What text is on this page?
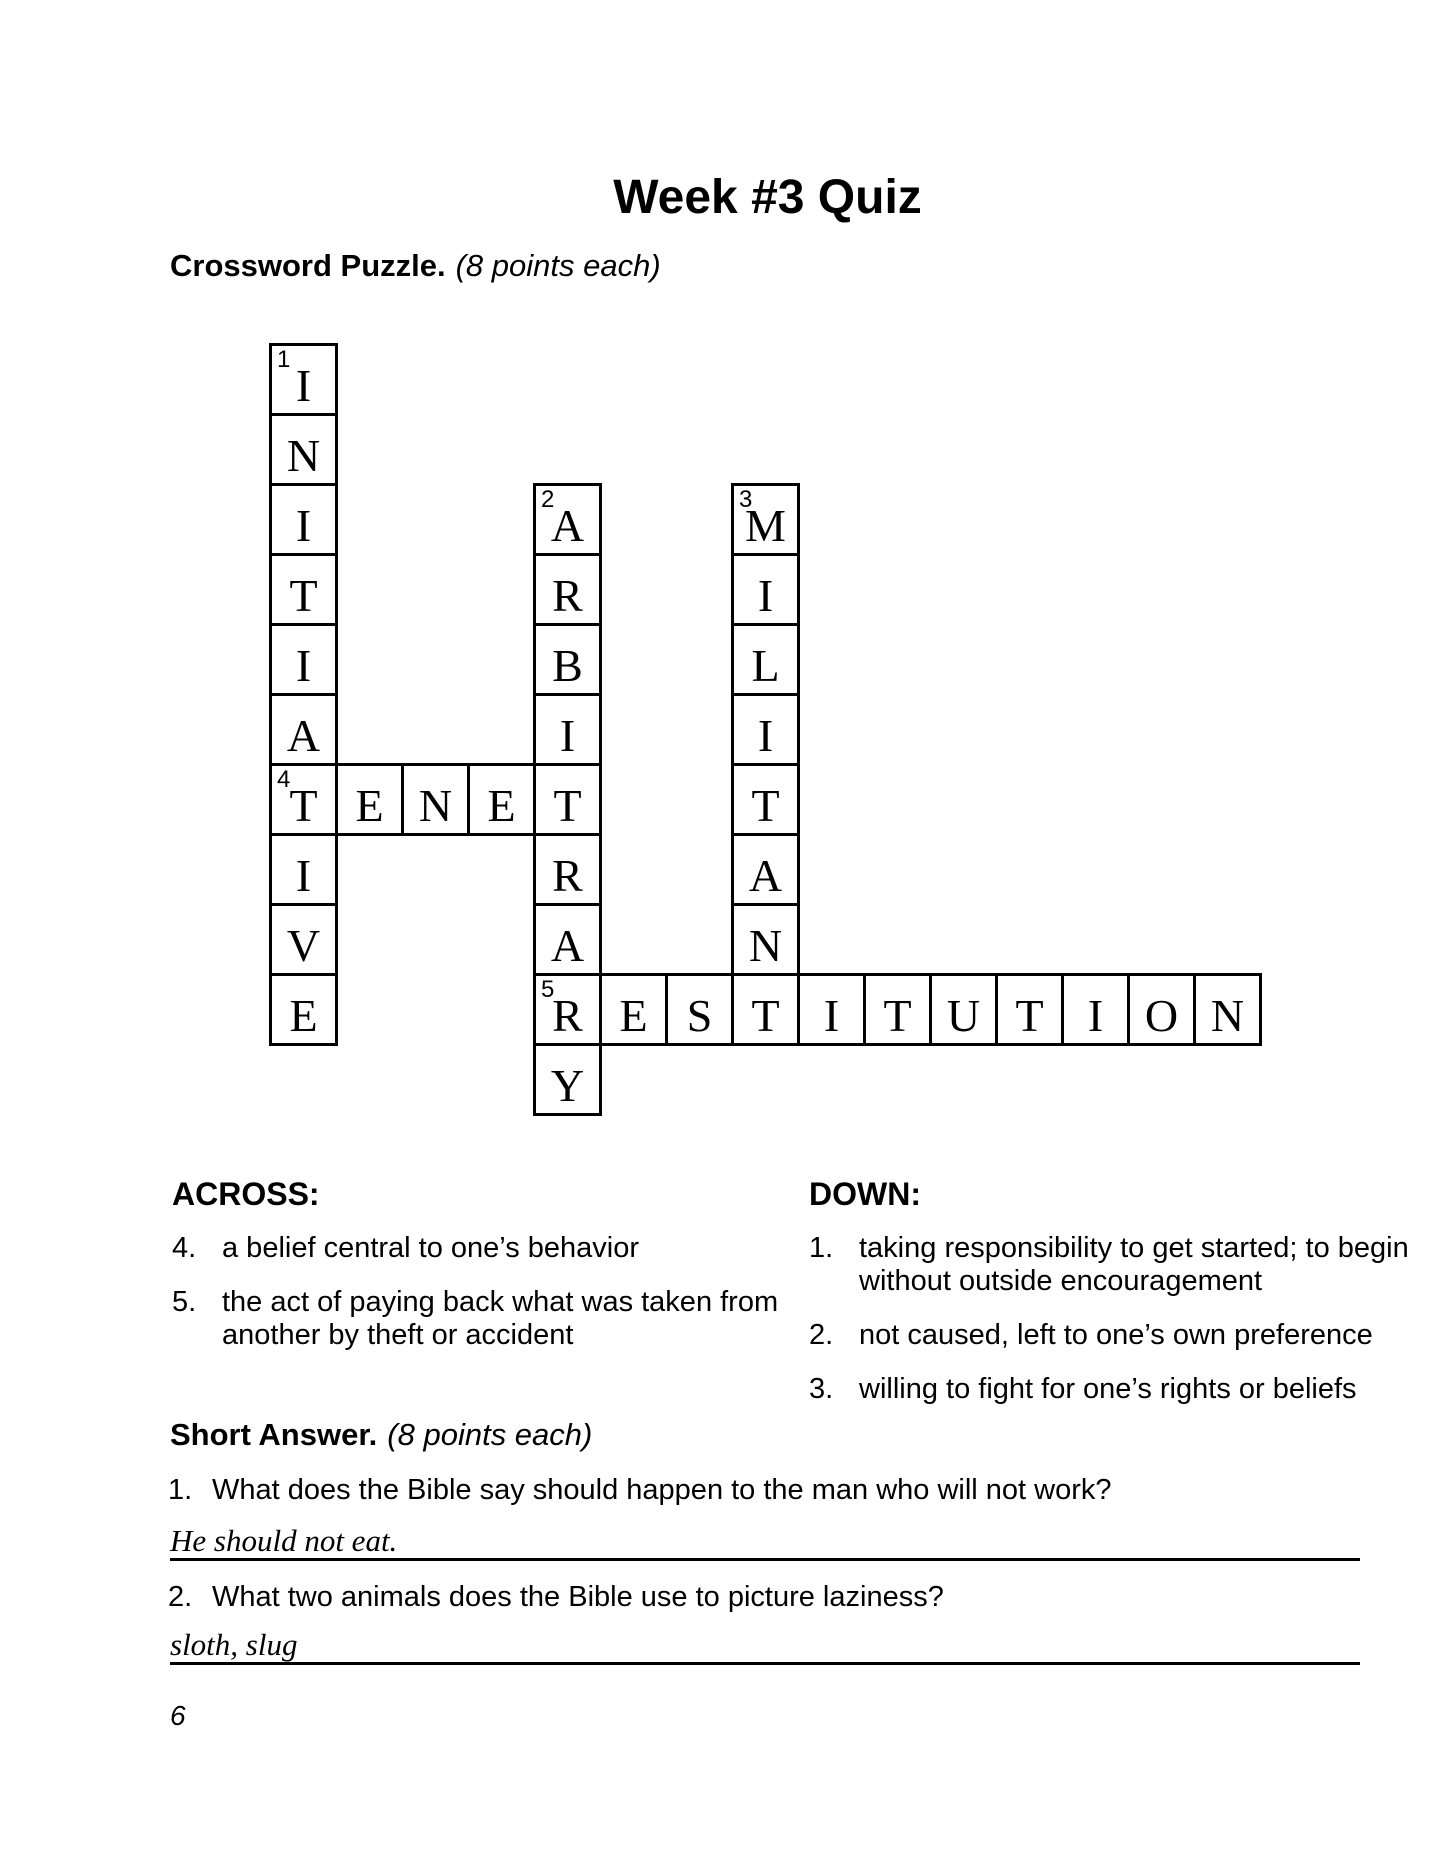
Week #3 Quiz
Crossword Puzzle. (8 points each)
1
I
N
I
2
A
3
M
T	R	I
I	B	L
A	I	I
4
T E N E T	T
I	R	A
V	A	N
E
5
R E S T I T U T I O N
Y
ACROSS:
4. a belief central to one’s behavior
5. the act of paying back what was taken from
another by theft or accident
DOWN:
1. taking responsibility to get started; to begin
without outside encouragement
2. not caused, left to one’s own preference
3. willing to fight for one’s rights or beliefs
Short Answer. (8 points each)
1. What does the Bible say should happen to the man who will not work?
He should not eat.
2. What two animals does the Bible use to picture laziness?
sloth, slug
6
